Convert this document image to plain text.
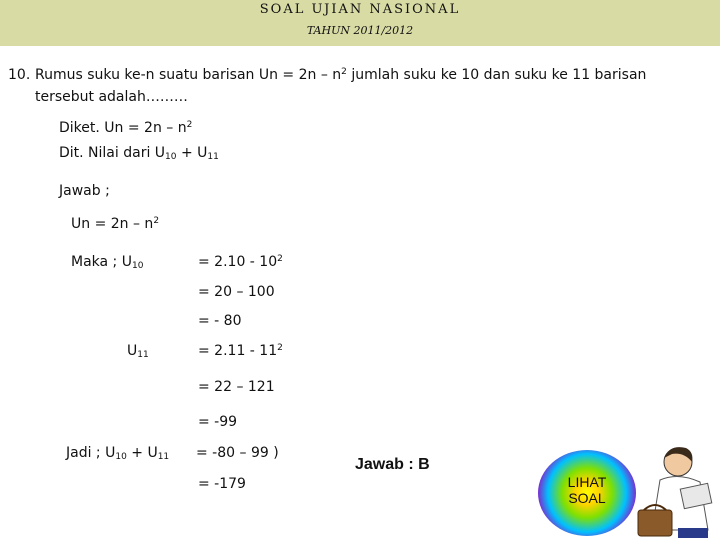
SOAL UJIAN NASIONAL
TAHUN 2011/2012
10. Rumus suku ke-n suatu barisan $Un = 2n - n^2$ jumlah suku ke 10 dan suku ke 11 barisan
tersebut adalah………
Diket. $Un = 2n - n^2$
Dit. Nilai dari $U_{10} + U_{11}$
Jawab ;
$Un = 2n - n^2$
Maka ; $U_{10}$	= $2.10 - 10^2$
= 20 – 100
= - 80
$U_{11}$	= $2.11 - 11^2$
= 22 – 121
= -99
Jadi ; $U_{10} + U_{11} = -80 - 99$ )
= -179
Jawab : B
LIHAT
SOAL
